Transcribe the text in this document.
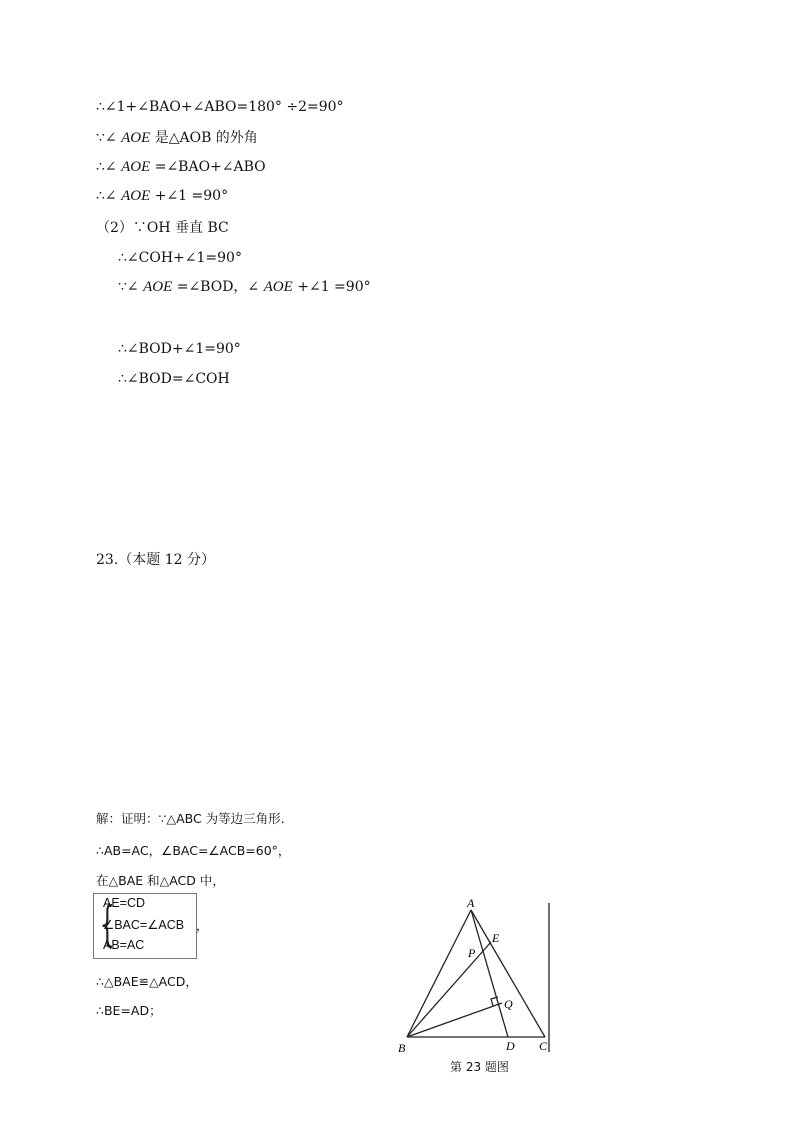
∴∠1+∠BAO+∠ABO=180° ÷2=90°
∵∠ AOE 是△AOB 的外角
∴∠ AOE =∠BAO+∠ABO
∴∠ AOE +∠1 =90°
（2）∵OH 垂直 BC
∴∠COH+∠1=90°
∵∠ AOE =∠BOD，∠ AOE +∠1 =90°
∴∠BOD+∠1=90°
∴∠BOD=∠COH
23.（本题 12 分）
解：证明：∵△ABC 为等边三角形.
∴AB=AC，∠BAC=∠ACB=60°，
在△BAE 和△ACD 中，
{
AE=CD
∠BAC=∠ACB
AB=AC
，
∴△BAE≌△ACD，
∴BE=AD；
A
E
P
Q
B	D C
第 23 题图
